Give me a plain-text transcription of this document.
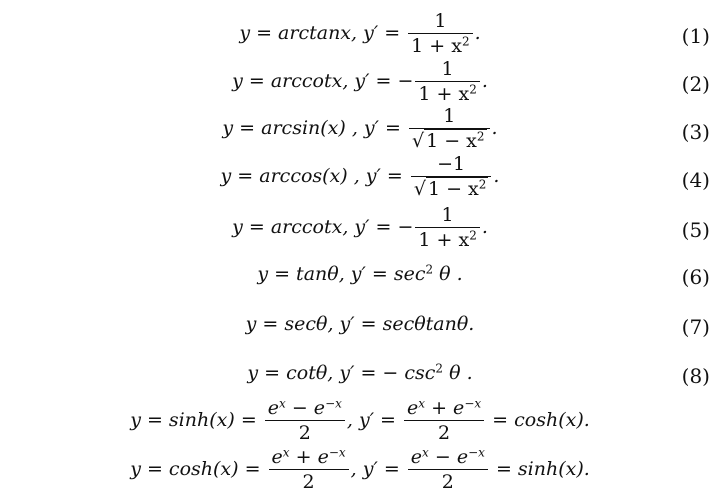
y = arctanx, $y' = \frac{1}{1 + x^2}$ .	(1)
y = arccotx, y′ = − $\frac{1}{1 + x^2}$ .	(2)
y = arcsin(x) , $y' = \frac{1}{√ 1 - x^2}$ .	(3)
y = arccos(x) , $y' = \frac{-1}{√ 1 - x^2}$ .	(4)
y = arccotx, y′ = − $\frac{1}{1 + x^2}$ .	(5)
y = tanθ, $y' = \sec^2 \theta$ .	(6)
y = secθ, y′ = secθtanθ.	(7)
y = cotθ, y′ = − $\csc^2 \theta$ .	(8)
$y = \sinh(x) = \frac{e^x - e^{-x}}{2}$ , $y' = \frac{e^x + e^{-x}}{2} = \cosh(x)$.
$y = \cosh(x) = \frac{e^x + e^{-x}}{2}$ , $y' = \frac{e^x - e^{-x}}{2} = \sinh(x)$.
